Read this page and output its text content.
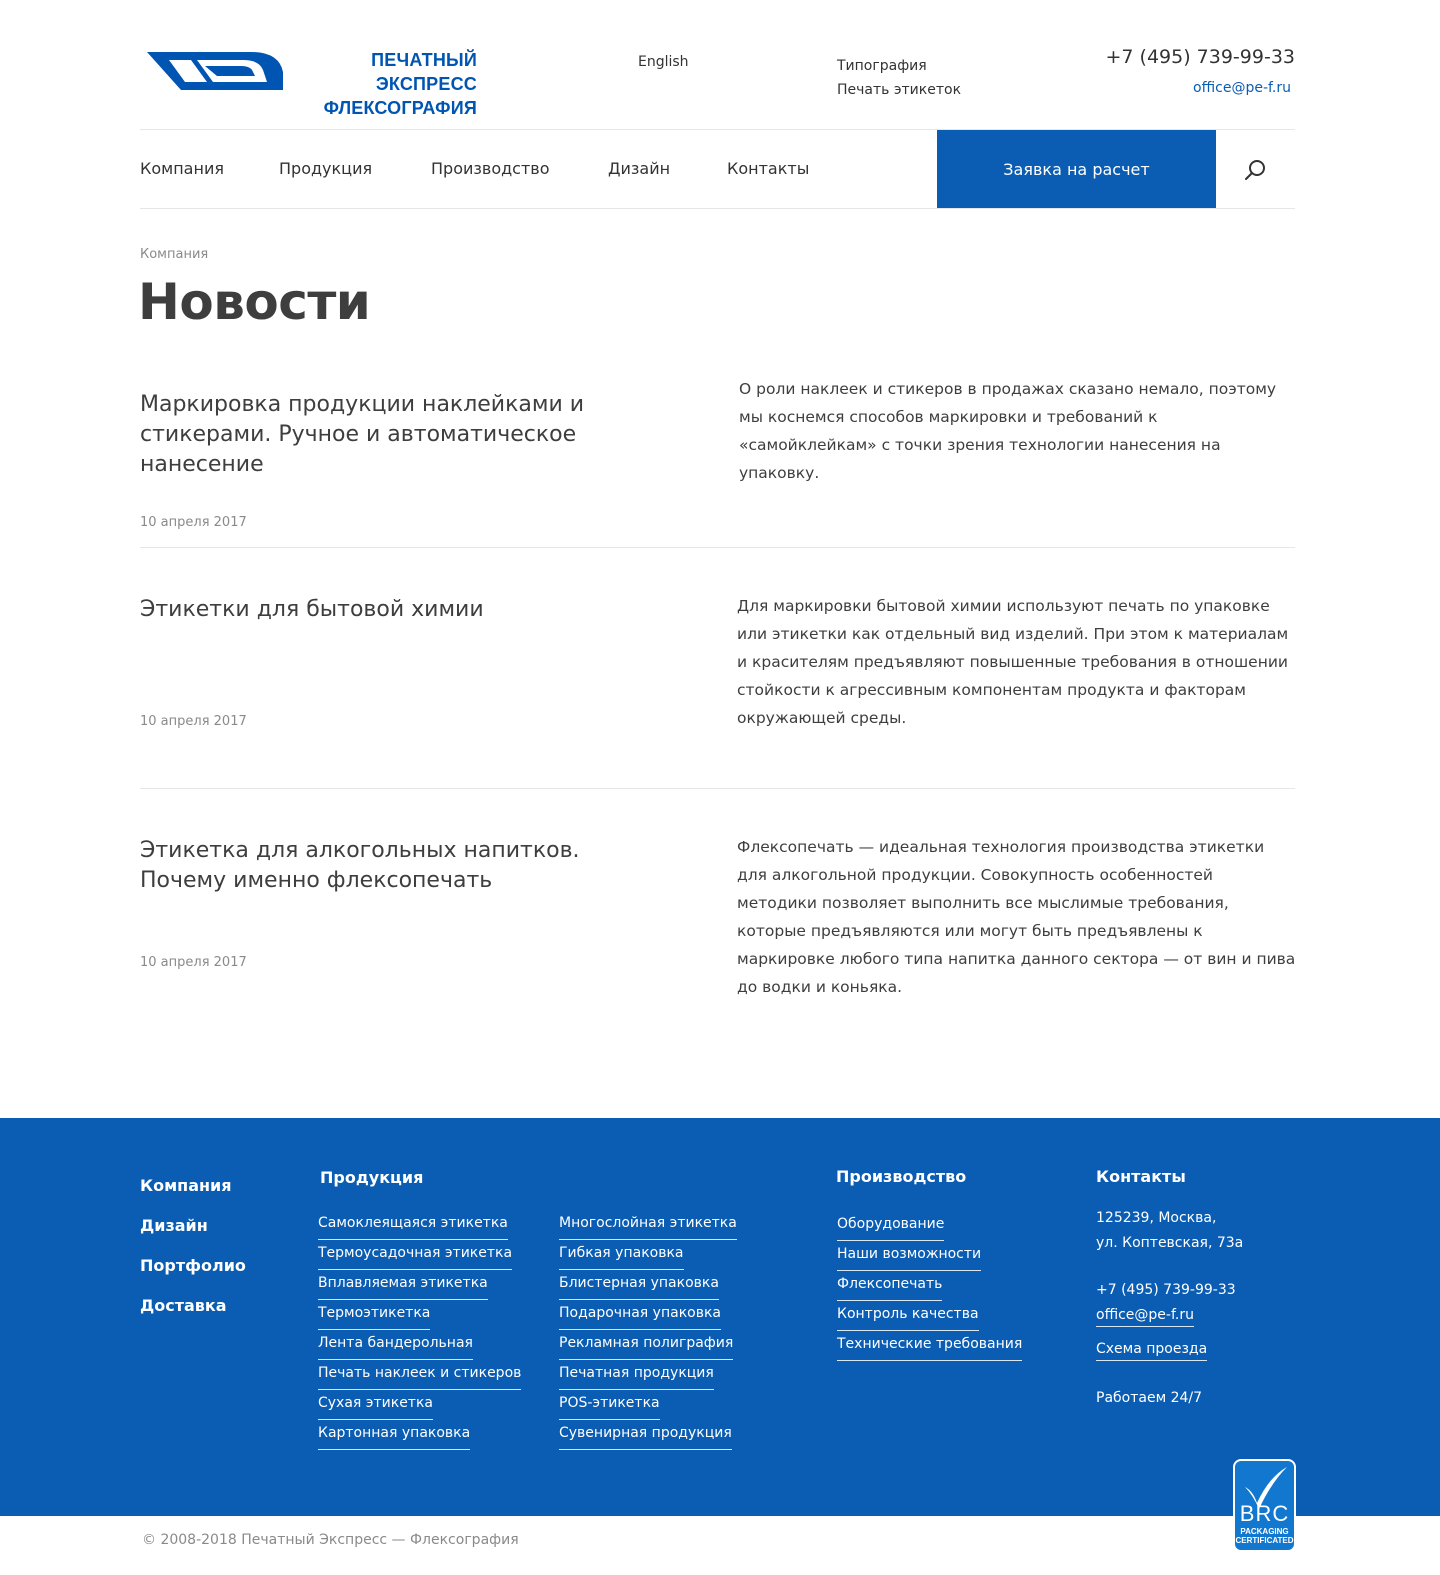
ПЕЧАТНЫЙ ЭКСПРЕСС
ФЛЕКСОГРАФИЯ
English	Типография
Печать этикеток
+7 (495) 739-99-33
office@pe-f.ru
Компания	Продукция	Производство	Дизайн	Контакты	Заявка на расчет
Компания
Новости
Маркировка продукции наклейками и стикерами. Ручное и автоматическое нанесение
10 апреля 2017
О роли наклеек и стикеров в продажах сказано немало, поэтому мы коснемся способов маркировки и требований к «самойклейкам» с точки зрения технологии нанесения на упаковку.
Этикетки для бытовой химии
10 апреля 2017
Для маркировки бытовой химии используют печать по упаковке или этикетки как отдельный вид изделий. При этом к материалам и красителям предъявляют повышенные требования в отношении стойкости к агрессивным компонентам продукта и факторам окружающей среды.
Этикетка для алкогольных напитков. Почему именно флексопечать
10 апреля 2017
Флексопечать — идеальная технология производства этикетки для алкогольной продукции. Совокупность особенностей методики позволяет выполнить все мыслимые требования, которые предъявляются или могут быть предъявлены к маркировке любого типа напитка данного сектора — от вин и пива до водки и коньяка.
Компания
Дизайн
Портфолио
Доставка
Продукция
Самоклеящаяся этикетка
Термоусадочная этикетка
Вплавляемая этикетка
Термоэтикетка
Лента бандерольная
Печать наклеек и стикеров
Сухая этикетка
Картонная упаковка
Многослойная этикетка
Гибкая упаковка
Блистерная упаковка
Подарочная упаковка
Рекламная полиграфия
Печатная продукция
POS-этикетка
Сувенирная продукция
Производство
Оборудование
Наши возможности
Флексопечать
Контроль качества
Технические требования
Контакты
125239, Москва,
ул. Коптевская, 73а
+7 (495) 739-99-33
office@pe-f.ru
Схема проезда
Работаем 24/7
BRC
PACKAGING
CERTIFICATED
© 2008-2018 Печатный Экспресс — Флексография
